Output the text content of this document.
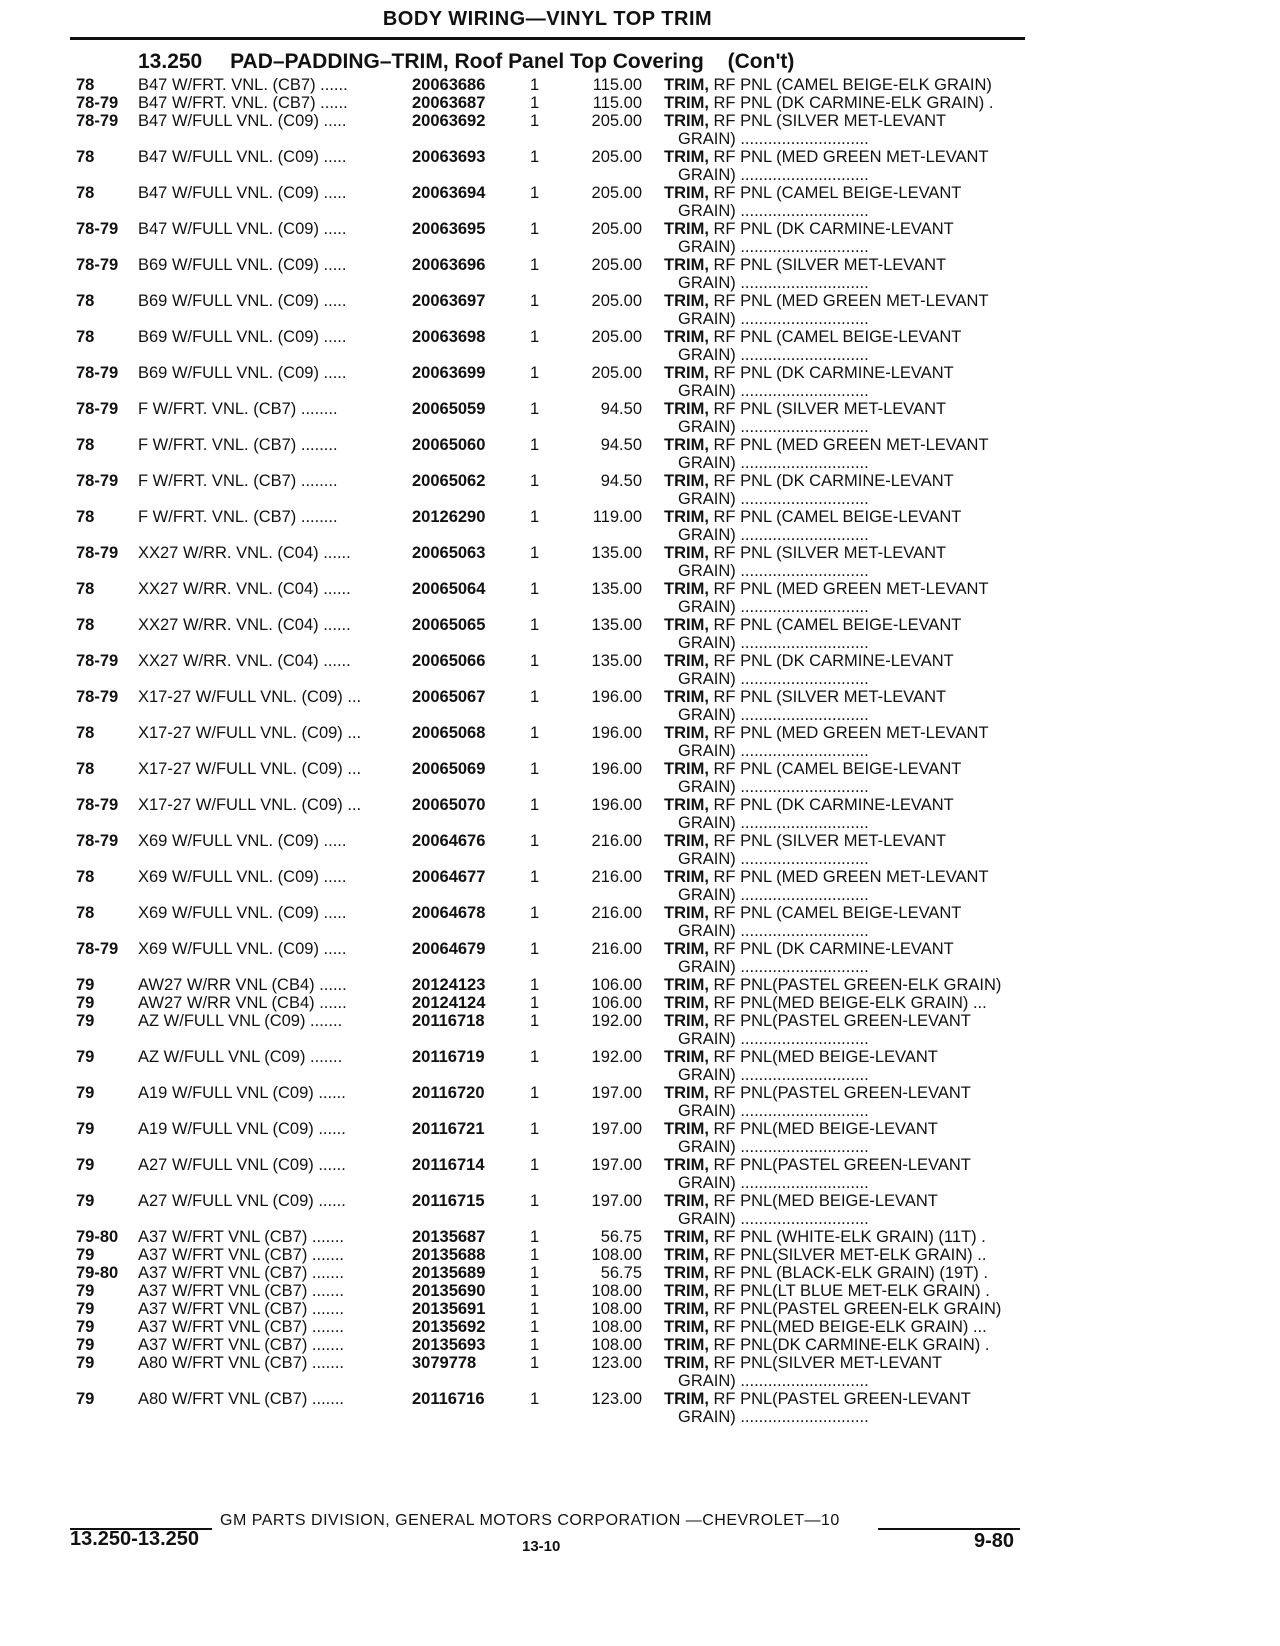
BODY WIRING—VINYL TOP TRIM
13.250 PAD–PADDING–TRIM, Roof Panel Top Covering (Con't)
78	B47 W/FRT. VNL. (CB7) ......	20063686	1	115.00 TRIM, RF PNL (CAMEL BEIGE-ELK GRAIN)
78-79 B47 W/FRT. VNL. (CB7) ......	20063687	1	115.00 TRIM, RF PNL (DK CARMINE-ELK GRAIN) .
78-79 B47 W/FULL VNL. (C09) .....	20063692	1	205.00 TRIM, RF PNL (SILVER MET-LEVANT
GRAIN) ............................
78	B47 W/FULL VNL. (C09) .....	20063693	1	205.00 TRIM, RF PNL (MED GREEN MET-LEVANT
GRAIN) ............................
78	B47 W/FULL VNL. (C09) .....	20063694	1	205.00 TRIM, RF PNL (CAMEL BEIGE-LEVANT
GRAIN) ............................
78-79 B47 W/FULL VNL. (C09) .....	20063695	1	205.00 TRIM, RF PNL (DK CARMINE-LEVANT
GRAIN) ............................
78-79 B69 W/FULL VNL. (C09) .....	20063696	1	205.00 TRIM, RF PNL (SILVER MET-LEVANT
GRAIN) ............................
78	B69 W/FULL VNL. (C09) .....	20063697	1	205.00 TRIM, RF PNL (MED GREEN MET-LEVANT
GRAIN) ............................
78	B69 W/FULL VNL. (C09) .....	20063698	1	205.00 TRIM, RF PNL (CAMEL BEIGE-LEVANT
GRAIN) ............................
78-79 B69 W/FULL VNL. (C09) .....	20063699	1	205.00 TRIM, RF PNL (DK CARMINE-LEVANT
GRAIN) ............................
78-79 F W/FRT. VNL. (CB7) ........	20065059	1	94.50 TRIM, RF PNL (SILVER MET-LEVANT
GRAIN) ............................
78	F W/FRT. VNL. (CB7) ........	20065060	1	94.50 TRIM, RF PNL (MED GREEN MET-LEVANT
GRAIN) ............................
78-79 F W/FRT. VNL. (CB7) ........	20065062	1	94.50 TRIM, RF PNL (DK CARMINE-LEVANT
GRAIN) ............................
78	F W/FRT. VNL. (CB7) ........	20126290	1	119.00 TRIM, RF PNL (CAMEL BEIGE-LEVANT
GRAIN) ............................
78-79 XX27 W/RR. VNL. (C04) ......	20065063	1	135.00 TRIM, RF PNL (SILVER MET-LEVANT
GRAIN) ............................
78	XX27 W/RR. VNL. (C04) ......	20065064	1	135.00 TRIM, RF PNL (MED GREEN MET-LEVANT
GRAIN) ............................
78	XX27 W/RR. VNL. (C04) ......	20065065	1	135.00 TRIM, RF PNL (CAMEL BEIGE-LEVANT
GRAIN) ............................
78-79 XX27 W/RR. VNL. (C04) ......	20065066	1	135.00 TRIM, RF PNL (DK CARMINE-LEVANT
GRAIN) ............................
78-79 X17-27 W/FULL VNL. (C09) ...	20065067	1	196.00 TRIM, RF PNL (SILVER MET-LEVANT
GRAIN) ............................
78	X17-27 W/FULL VNL. (C09) ...	20065068	1	196.00 TRIM, RF PNL (MED GREEN MET-LEVANT
GRAIN) ............................
78	X17-27 W/FULL VNL. (C09) ...	20065069	1	196.00 TRIM, RF PNL (CAMEL BEIGE-LEVANT
GRAIN) ............................
78-79 X17-27 W/FULL VNL. (C09) ...	20065070	1	196.00 TRIM, RF PNL (DK CARMINE-LEVANT
GRAIN) ............................
78-79 X69 W/FULL VNL. (C09) .....	20064676	1	216.00 TRIM, RF PNL (SILVER MET-LEVANT
GRAIN) ............................
78	X69 W/FULL VNL. (C09) .....	20064677	1	216.00 TRIM, RF PNL (MED GREEN MET-LEVANT
GRAIN) ............................
78	X69 W/FULL VNL. (C09) .....	20064678	1	216.00 TRIM, RF PNL (CAMEL BEIGE-LEVANT
GRAIN) ............................
78-79 X69 W/FULL VNL. (C09) .....	20064679	1	216.00 TRIM, RF PNL (DK CARMINE-LEVANT
GRAIN) ............................
79	AW27 W/RR VNL (CB4) ......	20124123	1	106.00 TRIM, RF PNL(PASTEL GREEN-ELK GRAIN)
79	AW27 W/RR VNL (CB4) ......	20124124	1	106.00 TRIM, RF PNL(MED BEIGE-ELK GRAIN) ...
79	AZ W/FULL VNL (C09) .......	20116718	1	192.00 TRIM, RF PNL(PASTEL GREEN-LEVANT
GRAIN) ............................
79	AZ W/FULL VNL (C09) .......	20116719	1	192.00 TRIM, RF PNL(MED BEIGE-LEVANT
GRAIN) ............................
79	A19 W/FULL VNL (C09) ......	20116720	1	197.00 TRIM, RF PNL(PASTEL GREEN-LEVANT
GRAIN) ............................
79	A19 W/FULL VNL (C09) ......	20116721	1	197.00 TRIM, RF PNL(MED BEIGE-LEVANT
GRAIN) ............................
79	A27 W/FULL VNL (C09) ......	20116714	1	197.00 TRIM, RF PNL(PASTEL GREEN-LEVANT
GRAIN) ............................
79	A27 W/FULL VNL (C09) ......	20116715	1	197.00 TRIM, RF PNL(MED BEIGE-LEVANT
GRAIN) ............................
79-80 A37 W/FRT VNL (CB7) .......	20135687	1	56.75 TRIM, RF PNL (WHITE-ELK GRAIN) (11T) .
79	A37 W/FRT VNL (CB7) .......	20135688	1	108.00 TRIM, RF PNL(SILVER MET-ELK GRAIN) ..
79-80 A37 W/FRT VNL (CB7) .......	20135689	1	56.75 TRIM, RF PNL (BLACK-ELK GRAIN) (19T) .
79	A37 W/FRT VNL (CB7) .......	20135690	1	108.00 TRIM, RF PNL(LT BLUE MET-ELK GRAIN) .
79	A37 W/FRT VNL (CB7) .......	20135691	1	108.00 TRIM, RF PNL(PASTEL GREEN-ELK GRAIN)
79	A37 W/FRT VNL (CB7) .......	20135692	1	108.00 TRIM, RF PNL(MED BEIGE-ELK GRAIN) ...
79	A37 W/FRT VNL (CB7) .......	20135693	1	108.00 TRIM, RF PNL(DK CARMINE-ELK GRAIN) .
79	A80 W/FRT VNL (CB7) .......	3079778	1	123.00 TRIM, RF PNL(SILVER MET-LEVANT
GRAIN) ............................
79	A80 W/FRT VNL (CB7) .......	20116716	1	123.00 TRIM, RF PNL(PASTEL GREEN-LEVANT
GRAIN) ............................
GM PARTS DIVISION, GENERAL MOTORS CORPORATION —CHEVROLET—10
13.250-13.250	13-10	9-80
